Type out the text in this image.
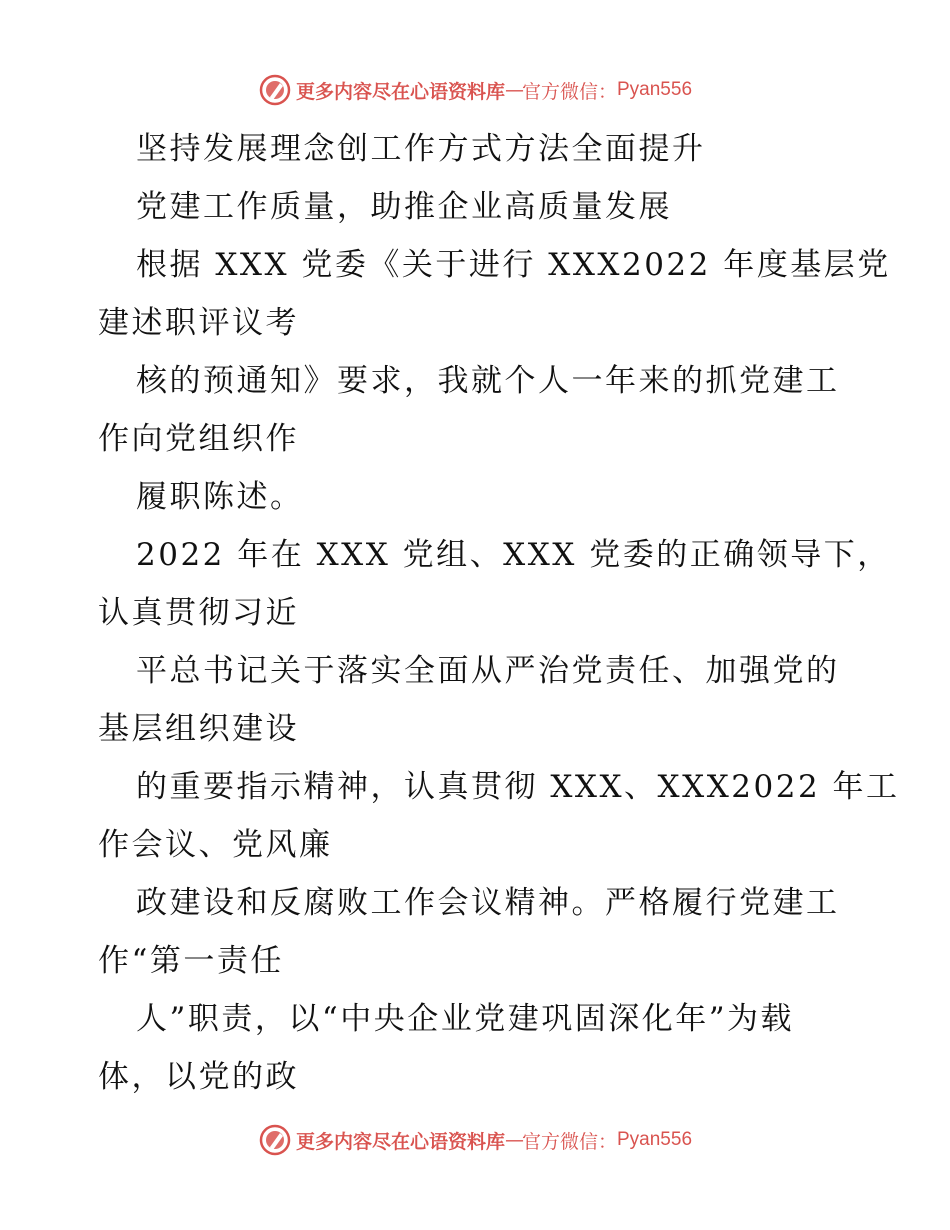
更多内容尽在心语资料库 — 官方微信： Pyan556
坚持发展理念创工作方式方法全面提升
党建工作质量，助推企业高质量发展
根据 XXX 党委《关于进行 XXX2022 年度基层党
建述职评议考
核的预通知》要求，我就个人一年来的抓党建工
作向党组织作
履职陈述。
2022 年在 XXX 党组、XXX 党委的正确领导下，
认真贯彻习近
平总书记关于落实全面从严治党责任、加强党的
基层组织建设
的重要指示精神，认真贯彻 XXX、XXX2022 年工
作会议、党风廉
政建设和反腐败工作会议精神。严格履行党建工
作“第一责任
人”职责，以“中央企业党建巩固深化年”为载
体，以党的政
更多内容尽在心语资料库 — 官方微信： Pyan556
